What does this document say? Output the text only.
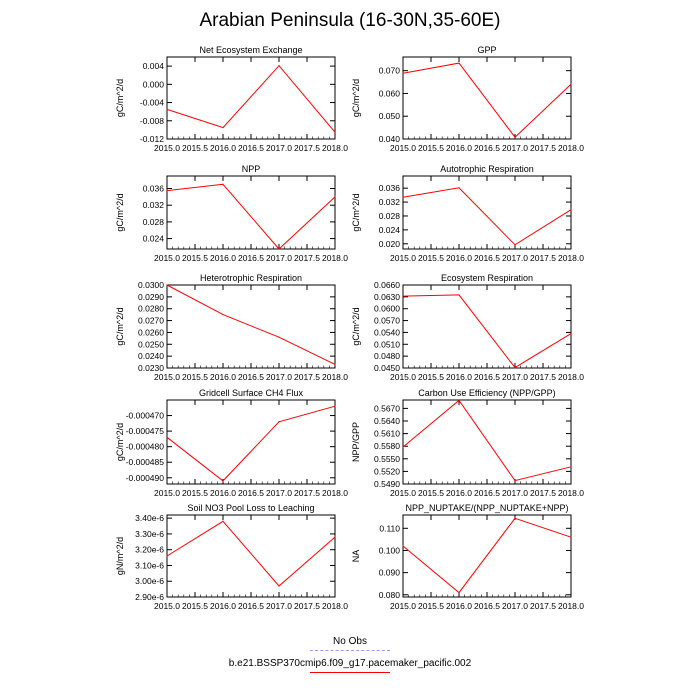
Arabian Peninsula (16-30N,35-60E)
Net Ecosystem Exchange
gC/m^2/d
2015.0 2015.5 2016.0 2016.5 2017.0 2017.5 2018.0
0.004
0.000
-0.004
-0.008
-0.012
GPP
gC/m^2/d
2015.0 2015.5 2016.0 2016.5 2017.0 2017.5 2018.0
0.070
0.060
0.050
0.040
NPP
gC/m^2/d
2015.0 2015.5 2016.0 2016.5 2017.0 2017.5 2018.0
0.036
0.032
0.028
0.024
Autotrophic Respiration
gC/m^2/d
2015.0 2015.5 2016.0 2016.5 2017.0 2017.5 2018.0
0.036
0.032
0.028
0.024
0.020
Heterotrophic Respiration
gC/m^2/d
2015.0 2015.5 2016.0 2016.5 2017.0 2017.5 2018.0
0.0300
0.0290
0.0280
0.0270
0.0260
0.0250
0.0240
0.0230
Ecosystem Respiration
gC/m^2/d
2015.0 2015.5 2016.0 2016.5 2017.0 2017.5 2018.0
0.0660
0.0630
0.0600
0.0570
0.0540
0.0510
0.0480
0.0450
Gridcell Surface CH4 Flux
gC/m^2/d
2015.0 2015.5 2016.0 2016.5 2017.0 2017.5 2018.0
-0.000470
-0.000475
-0.000480
-0.000485
-0.000490
Carbon Use Efficiency (NPP/GPP)
NPP/GPP
2015.0 2015.5 2016.0 2016.5 2017.0 2017.5 2018.0
0.5670
0.5640
0.5610
0.5580
0.5550
0.5520
0.5490
Soil NO3 Pool Loss to Leaching
gN/m^2/d
2015.0 2015.5 2016.0 2016.5 2017.0 2017.5 2018.0
3.40e-6
3.30e-6
3.20e-6
3.10e-6
3.00e-6
2.90e-6
NPP_NUPTAKE/(NPP_NUPTAKE+NPP)
NA
2015.0 2015.5 2016.0 2016.5 2017.0 2017.5 2018.0
0.110
0.100
0.090
0.080
No Obs
b.e21.BSSP370cmip6.f09_g17.pacemaker_pacific.002
